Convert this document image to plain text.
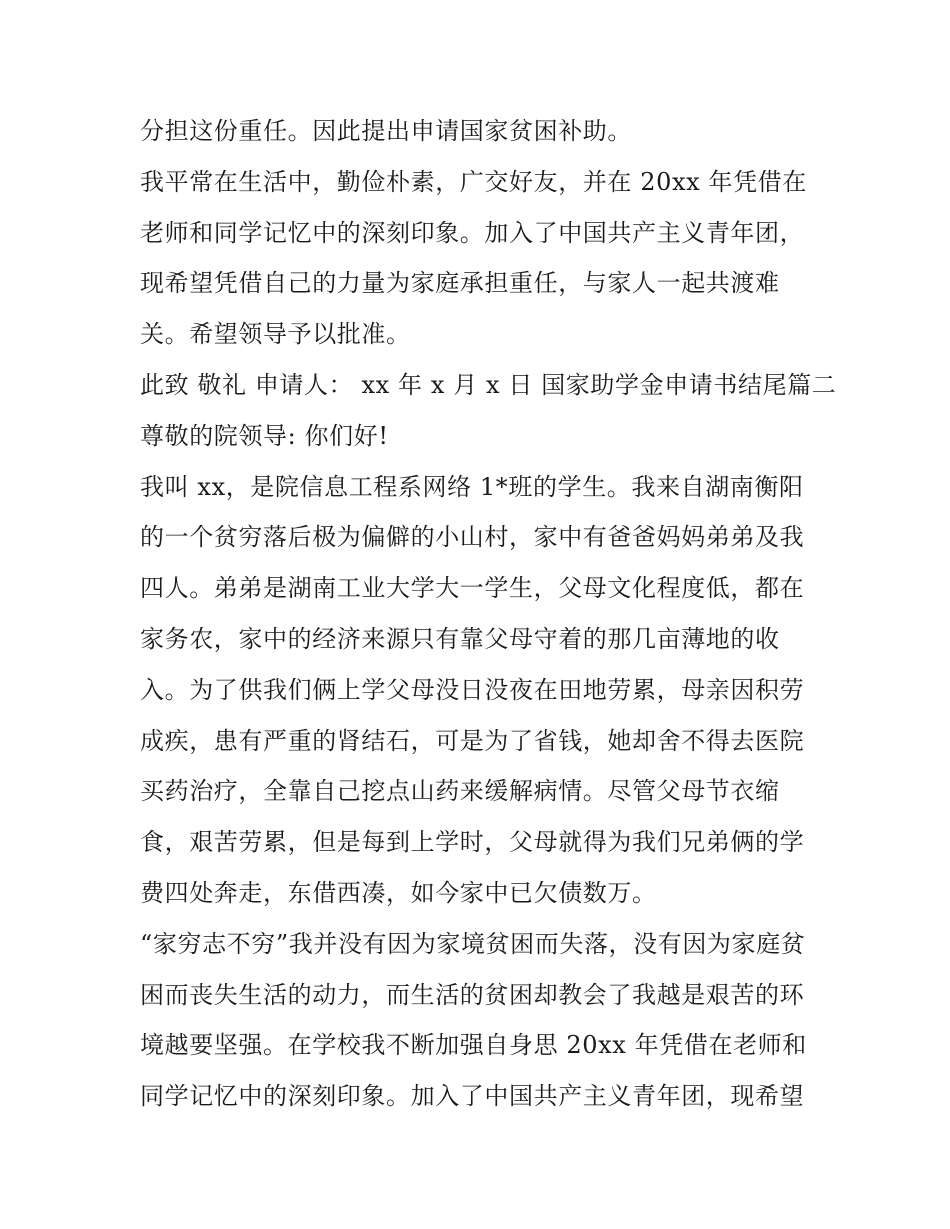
分担这份重任。因此提出申请国家贫困补助。
我平常在生活中，勤俭朴素，广交好友，并在 20xx 年凭借在
老师和同学记忆中的深刻印象。加入了中国共产主义青年团，
现希望凭借自己的力量为家庭承担重任，与家人一起共渡难
关。希望领导予以批准。
此致 敬礼 申请人： xx 年 x 月 x 日 国家助学金申请书结尾篇二
尊敬的院领导: 你们好!
我叫 xx，是院信息工程系网络 1*班的学生。我来自湖南衡阳
的一个贫穷落后极为偏僻的小山村，家中有爸爸妈妈弟弟及我
四人。弟弟是湖南工业大学大一学生，父母文化程度低，都在
家务农，家中的经济来源只有靠父母守着的那几亩薄地的收
入。为了供我们俩上学父母没日没夜在田地劳累，母亲因积劳
成疾，患有严重的肾结石，可是为了省钱，她却舍不得去医院
买药治疗，全靠自己挖点山药来缓解病情。尽管父母节衣缩
食，艰苦劳累，但是每到上学时，父母就得为我们兄弟俩的学
费四处奔走，东借西凑，如今家中已欠债数万。
“家穷志不穷”我并没有因为家境贫困而失落，没有因为家庭贫
困而丧失生活的动力，而生活的贫困却教会了我越是艰苦的环
境越要坚强。在学校我不断加强自身思 20xx 年凭借在老师和
同学记忆中的深刻印象。加入了中国共产主义青年团，现希望
